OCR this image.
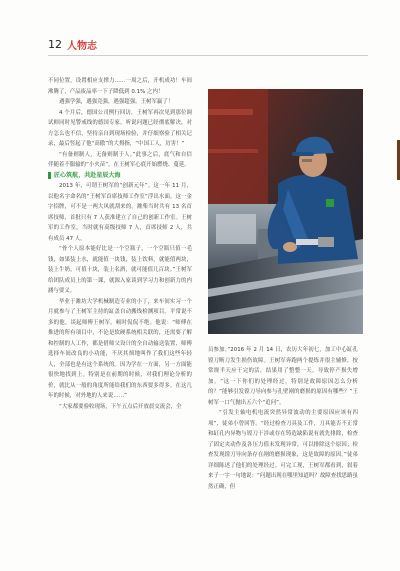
12 人物志

不同位置，设置相应支撑力……一周之后，开机成功！车间沸腾了，产品废品率一下子降低到 0.1% 之内！

遇强学强，遇强竞强，遇强超强。王树军赢了！

4 个月后，德国公司例行回访，王树军再次见到那位调试师同时见警戒线的德国专家。听说问题已经彻底解决，对方怎么也不信，坚持亲自到现场检验，并仔细察验了相关记录，最后竖起了他“高傲”的大拇指，“中国工人，厉害！”

“有备则制人，无备则制于人。”此事之后，底气和自信伴随着不服输的“小火苗”，在王树军心底开始燃烧、蔓延。

匠心筑航，共赴星辰大海

2013 年，可谓王树军的“创新元年”。这一年 11 月，以他名字命名的“王树军首席技师工作室”浮出水面。这一金字招牌，可不是一两大风就刮来的。潍柴当时共有 13 名首席技师，首批只有 7 人获准建立了自己的创新工作室。王树军的工作室，当时就有高级技师 7 人，首席技师 2 人，共有成员 47 人。

“骨个人原本能好比是一个空瓶子，一个空瓶只值一毛钱，如果装上水，就能值一块钱，装上饮料，就能值两块，装上牛奶，可值十块，装上名酒，就可能值几百块。”王树军给团队成员上的第一课，就源入家谈到学习力和创新力的内涵与要义。

毕业于潍坊大学机械制造专业的小丁，来车间实习一个月就参与了王树军主持的缸盖自动搬线检测项目。平常说不多的他，谈起师傅王树军，顿时侃侃不绝。他说：“师傅在推进的所有项目中，不论是软硬系统相关联的，还需要了解和控制的人工作，都是借师父设计的全自动输送装置，师傅选择车间改良的小功能，不厌其烦地叫作了我们这些年轻人，全部也是有这个系统的。因为学在一方面，另一方面能很快地找到上。特别是在前期的时候，对我们理论分析的价，就比从一般的角度所能给我们的东西要多得多。在这几年的时候，对外地的人来说……”

“大家都要验收现场，下午五点后开放晨交流会，全

员参加。”2016 年 2 月 14 日，农历大年初七，加工中心缸孔镗刀断刀发生损伤故障。王树军奔跑两个提炼并很主辅修，按常规半天应干完的活，结果用了整整一天。导致停产损失增加。“这一下你们的处理经过，特别是故障原因怎么分析的？”能够引发镗刀导向参与孔壁剐的磨损的原因有哪些？”王树军一口气抛出五六个“追问”。

“引发主轴电机电流突然异常波动的主要原因应该有四项”，徒弟小曾回答。“经过检查刀具及工件，刀具能否不正常和缸孔内异物与镗刀干涉或存在铸造缺陷说有就先排除，检查了固定夹动作及各压力值未发现异常，可以排除这个原因；检查发现镗刀导向条存在剐的磨损现象，这是故障的原因。”徒弟详细陈述了他们的处理经过。可完工现，王树军都看到，叙着来子一字一句地说：“问题出现在哪里知道吗？故障查找思路虽然正确，但
